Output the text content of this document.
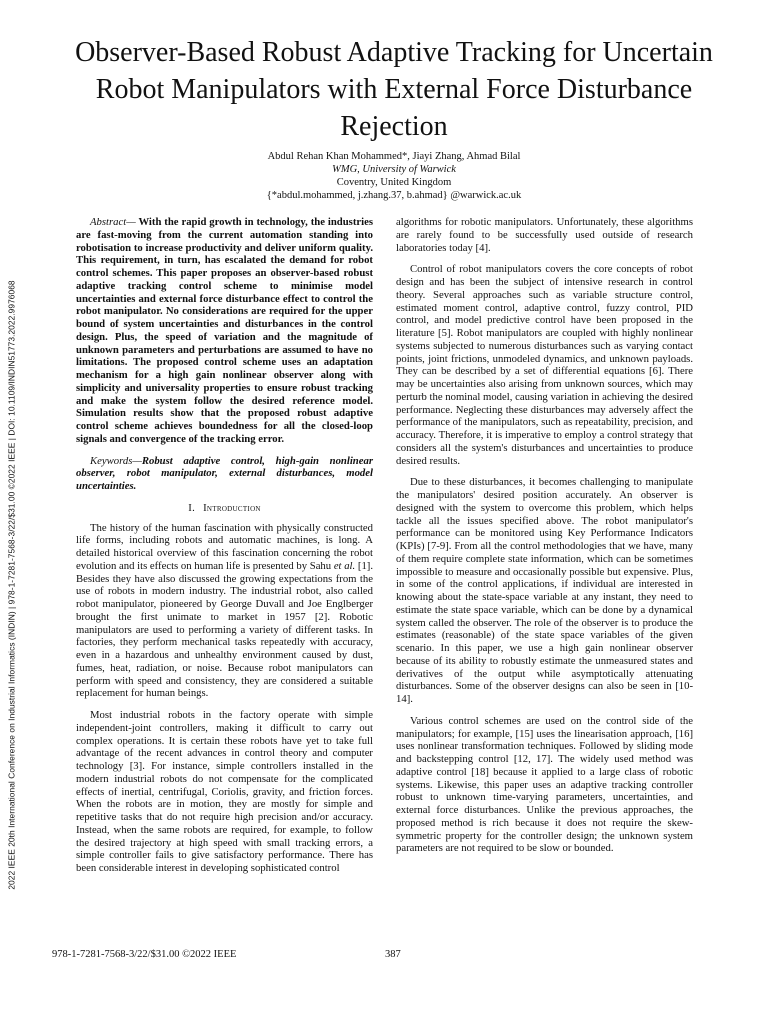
2022 IEEE 20th International Conference on Industrial Informatics (INDIN) | 978-1-7281-7568-3/22/$31.00 ©2022 IEEE | DOI: 10.1109/INDIN51773.2022.9976068
Observer-Based Robust Adaptive Tracking for Uncertain Robot Manipulators with External Force Disturbance Rejection
Abdul Rehan Khan Mohammed*, Jiayi Zhang, Ahmad Bilal
WMG, University of Warwick
Coventry, United Kingdom
{*abdul.mohammed, j.zhang.37, b.ahmad} @warwick.ac.uk

Abstract— With the rapid growth in technology, the industries are fast-moving from the current automation standing into robotisation to increase productivity and deliver uniform quality. This requirement, in turn, has escalated the demand for robot control schemes. This paper proposes an observer-based robust adaptive tracking control scheme to minimise model uncertainties and external force disturbance effect to control the robot manipulator. No considerations are required for the upper bound of system uncertainties and disturbances in the control design. Plus, the speed of variation and the magnitude of unknown parameters and perturbations are assumed to have no limitations. The proposed control scheme uses an adaptation mechanism for a high gain nonlinear observer along with simplicity and universality properties to ensure robust tracking and make the system follow the desired reference model. Simulation results show that the proposed robust adaptive control scheme achieves boundedness for all the closed-loop signals and convergence of the tracking error.

Keywords—Robust adaptive control, high-gain nonlinear observer, robot manipulator, external disturbances, model uncertainties.

I. Introduction

The history of the human fascination with physically constructed life forms, including robots and automatic machines, is long. A detailed historical overview of this fascination concerning the robot evolution and its effects on human life is presented by Sahu et al. [1]. Besides they have also discussed the growing expectations from the use of robots in modern industry. The industrial robot, also called robot manipulator, pioneered by George Duvall and Joe Englberger brought the first unimate to market in 1957 [2]. Robotic manipulators are used to performing a variety of different tasks. In factories, they perform mechanical tasks repeatedly with accuracy, even in a hazardous and unhealthy environment caused by dust, fumes, heat, radiation, or noise. Because robot manipulators can perform with speed and consistency, they are considered a suitable replacement for human beings.

Most industrial robots in the factory operate with simple independent-joint controllers, making it difficult to carry out complex operations. It is certain these robots have yet to take full advantage of the recent advances in control theory and computer technology [3]. For instance, simple controllers installed in the modern industrial robots do not compensate for the complicated effects of inertial, centrifugal, Coriolis, gravity, and friction forces. When the robots are in motion, they are mostly for simple and repetitive tasks that do not require high precision and/or accuracy. Instead, when the same robots are required, for example, to follow the desired trajectory at high speed with small tracking errors, a simple controller fails to give satisfactory performance. There has been considerable interest in developing sophisticated control

algorithms for robotic manipulators. Unfortunately, these algorithms are rarely found to be successfully used outside of research laboratories today [4].

Control of robot manipulators covers the core concepts of robot design and has been the subject of intensive research in control theory. Several approaches such as variable structure control, estimated moment control, adaptive control, fuzzy control, PID control, and model predictive control have been proposed in the literature [5]. Robot manipulators are coupled with highly nonlinear systems subjected to numerous disturbances such as varying contact points, joint frictions, unmodeled dynamics, and unknown payloads. They can be described by a set of differential equations [6]. There may be uncertainties also arising from unknown sources, which may perturb the nominal model, causing variation in achieving the desired performance. Neglecting these disturbances may adversely affect the performance of the manipulators, such as repeatability, precision, and accuracy. Therefore, it is imperative to employ a control strategy that considers all the system's disturbances and uncertainties to produce desired results.

Due to these disturbances, it becomes challenging to manipulate the manipulators' desired position accurately. An observer is designed with the system to overcome this problem, which helps tackle all the issues specified above. The robot manipulator's performance can be monitored using Key Performance Indicators (KPIs) [7-9]. From all the control methodologies that we have, many of them require complete state information, which can be sometimes impossible to measure and occasionally possible but expensive. Plus, in some of the control applications, if individual are interested in knowing about the state-space variable at any instant, they need to estimate the state space variable, which can be done by a dynamical system called the observer. The role of the observer is to produce the estimates (reasonable) of the state space variables of the given scenario. In this paper, we use a high gain nonlinear observer because of its ability to robustly estimate the unmeasured states and derivatives of the output while asymptotically attenuating disturbances. Some of the observer designs can also be seen in [10-14].

Various control schemes are used on the control side of the manipulators; for example, [15] uses the linearisation approach, [16] uses nonlinear transformation techniques. Followed by sliding mode and backstepping control [12, 17]. The widely used method was adaptive control [18] because it applied to a large class of robotic systems. Likewise, this paper uses an adaptive tracking controller robust to unknown time-varying parameters, uncertainties, and external force disturbances. Unlike the previous approaches, the proposed method is rich because it does not require the skew-symmetric property for the controller design; the unknown system parameters are not required to be slow or bounded.

978-1-7281-7568-3/22/$31.00 ©2022 IEEE	387
